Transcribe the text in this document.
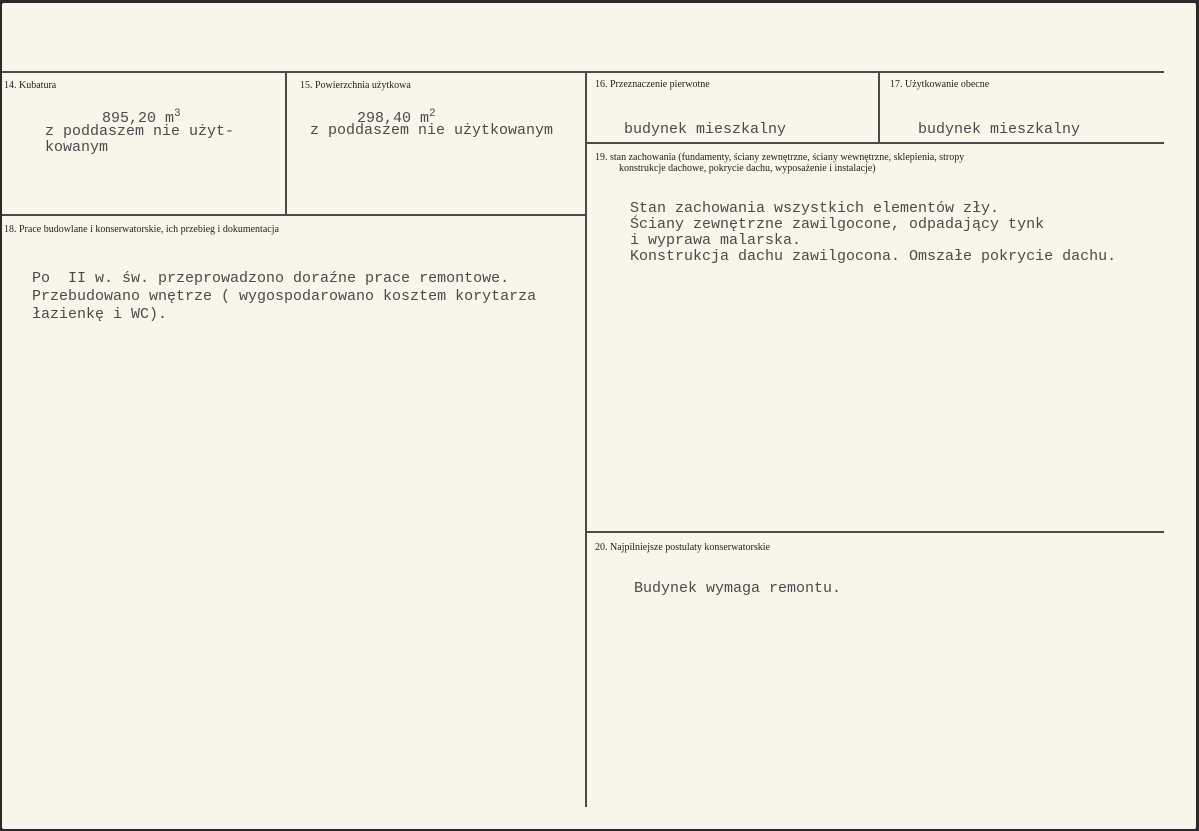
14. Kubatura
895,20 $m^3$
z poddaszem nie użyt-
kowanym
15. Powierzchnia użytkowa
298,40 $m^2$
z poddaszem nie użytkowanym
16. Przeznaczenie pierwotne
budynek mieszkalny
17. Użytkowanie obecne
budynek mieszkalny
18. Prace budowlane i konserwatorskie, ich przebieg i dokumentacja
Po  II w. św. przeprowadzono doraźne prace remontowe.
Przebudowano wnętrze ( wygospodarowano kosztem korytarza
łazienkę i WC).
19. stan zachowania (fundamenty, ściany zewnętrzne, ściany wewnętrzne, sklepienia, stropy
konstrukcje dachowe, pokrycie dachu, wyposażenie i instalacje)
Stan zachowania wszystkich elementów zły.
Ściany zewnętrzne zawilgocone, odpadający tynk
i wyprawa malarska.
Konstrukcja dachu zawilgocona. Omszałe pokrycie dachu.
20. Najpilniejsze postulaty konserwatorskie
Budynek wymaga remontu.
